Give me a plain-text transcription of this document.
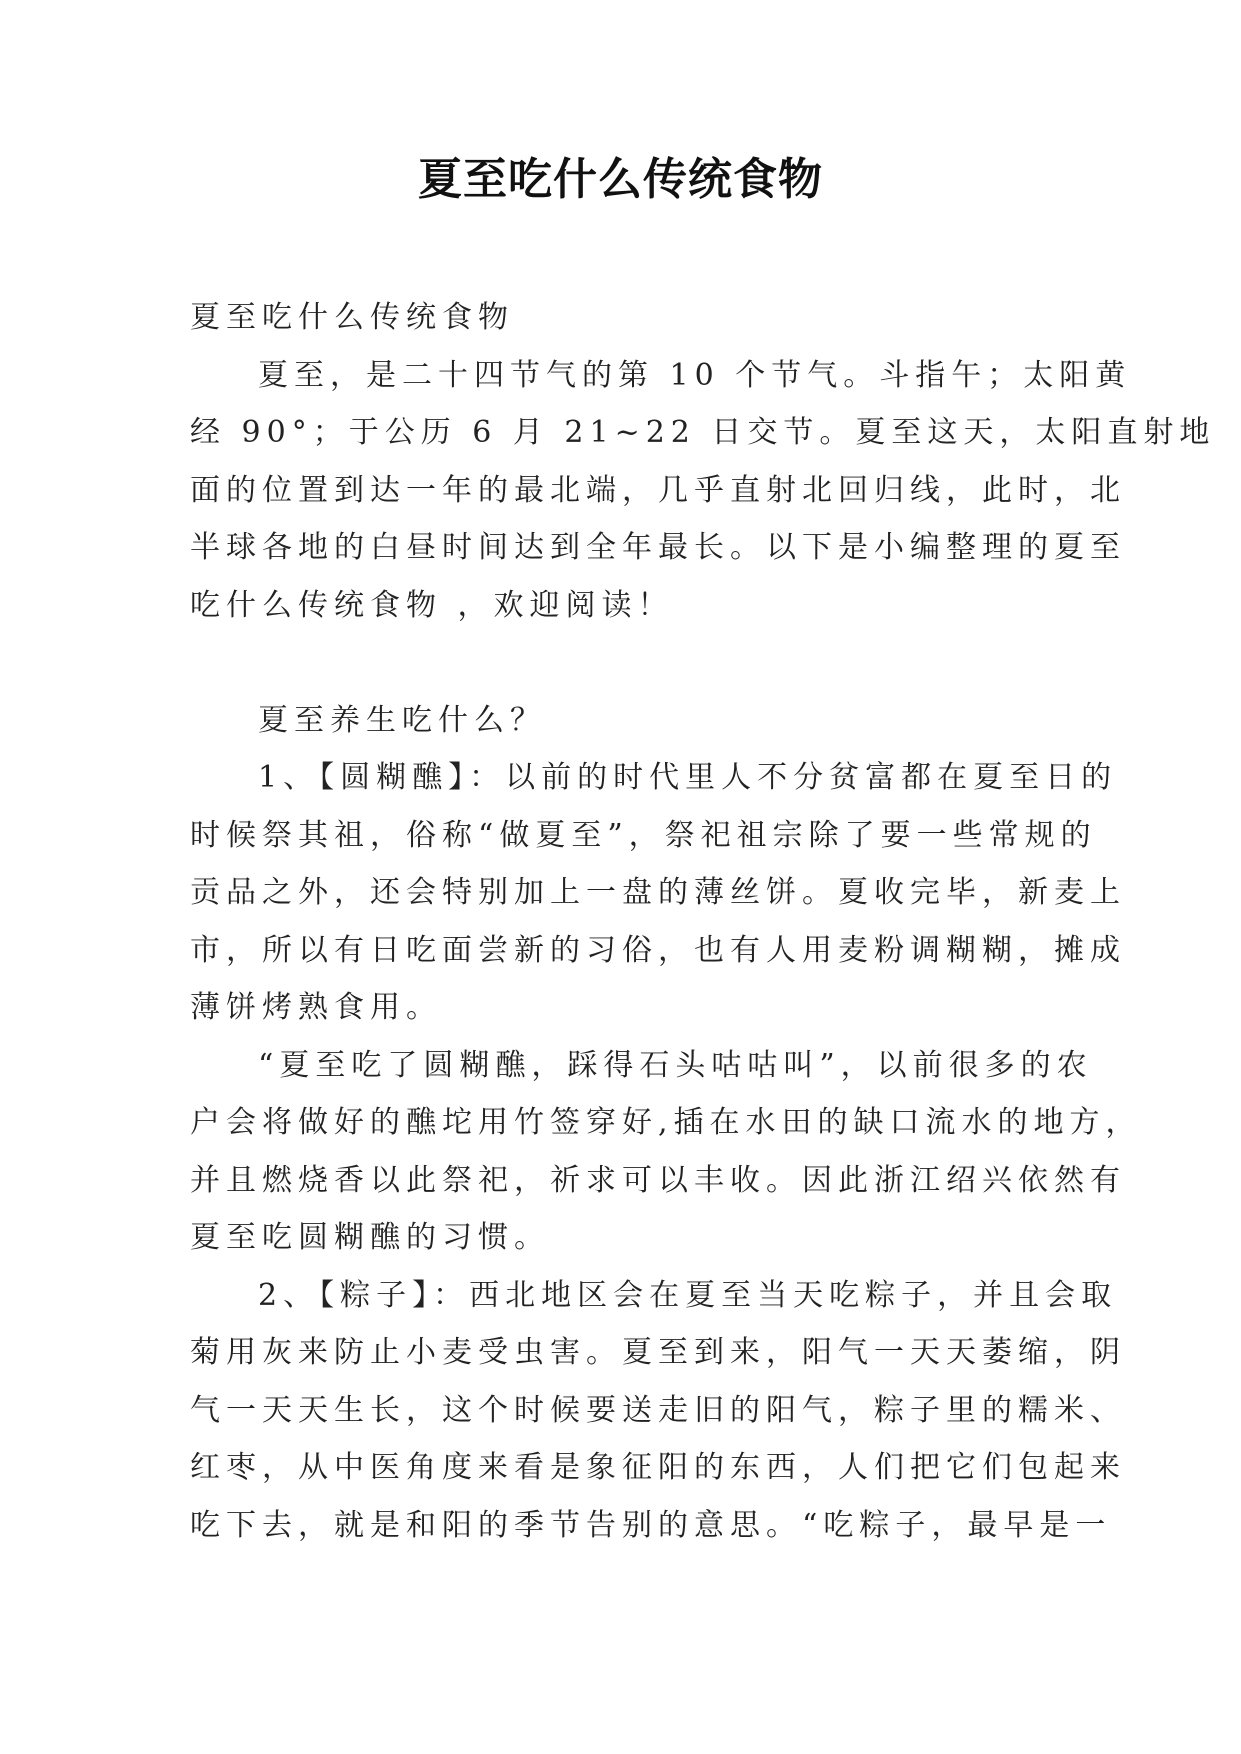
夏至吃什么传统食物

夏至吃什么传统食物

夏至，是二十四节气的第 10 个节气。斗指午；太阳黄
经 90°；于公历 6 月 21~22 日交节。夏至这天，太阳直射地
面的位置到达一年的最北端，几乎直射北回归线，此时，北
半球各地的白昼时间达到全年最长。以下是小编整理的夏至
吃什么传统食物 ，欢迎阅读！

夏至养生吃什么？

1、【圆糊醮】：以前的时代里人不分贫富都在夏至日的
时候祭其祖，俗称“做夏至”，祭祀祖宗除了要一些常规的
贡品之外，还会特别加上一盘的薄丝饼。夏收完毕，新麦上
市，所以有日吃面尝新的习俗，也有人用麦粉调糊糊，摊成
薄饼烤熟食用。

“夏至吃了圆糊醮，踩得石头咕咕叫”，以前很多的农
户会将做好的醮坨用竹签穿好,插在水田的缺口流水的地方，
并且燃烧香以此祭祀，祈求可以丰收。因此浙江绍兴依然有
夏至吃圆糊醮的习惯。

2、【粽子】：西北地区会在夏至当天吃粽子，并且会取
菊用灰来防止小麦受虫害。夏至到来，阳气一天天萎缩，阴
气一天天生长，这个时候要送走旧的阳气，粽子里的糯米、
红枣，从中医角度来看是象征阳的东西，人们把它们包起来
吃下去，就是和阳的季节告别的意思。“吃粽子，最早是一
